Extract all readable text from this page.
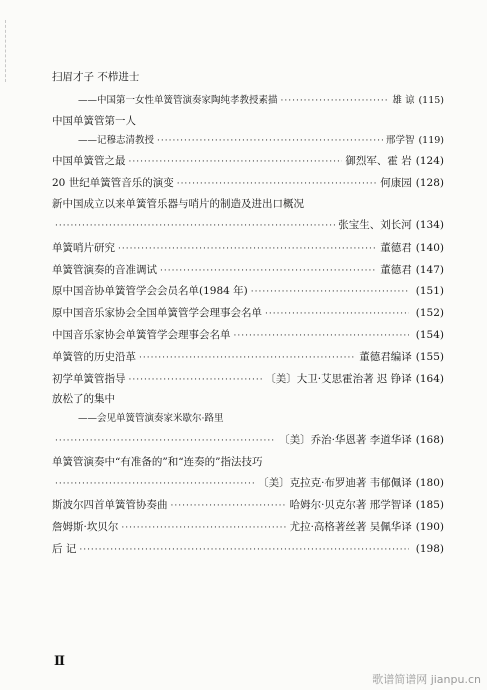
扫眉才子 不栉进士
——中国第一女性单簧管演奏家陶纯孝教授素描 ·····	雄 谅 (115)
中国单簧管第一人
——记穆志清教授 ·····	邢学智 (119)
中国单簧管之最 ·····	御烈军、霍 岩 (124)
20 世纪单簧管音乐的演变 ·····	何康园 (128)
新中国成立以来单簧管乐器与哨片的制造及进出口概况
·····
张宝生、刘长河 (134)
单簧哨片研究 ·····	董德君 (140)
单簧管演奏的音准调试 ·····	董德君 (147)
原中国音协单簧管学会会员名单(1984 年) ·····	(151)
原中国音乐家协会全国单簧管学会理事会名单 ·····	(152)
中国音乐家协会单簧管学会理事会名单 ·····	(154)
单簧管的历史沿革 ·····	董德君编译 (155)
初学单簧管指导 ·····	〔美〕大卫·艾思霍治著 迟 铮译 (164)
放松了的集中
——会见单簧管演奏家米歇尔·路里
·····
〔美〕乔治·华恩著 李道华译 (168)
单簧管演奏中“有准备的”和“连奏的”指法技巧
·····
〔美〕克拉克·布罗迪著 韦郁佩译 (180)
斯波尔四首单簧管协奏曲 ·····	哈姆尔·贝克尔著 邢学智译 (185)
詹姆斯·坎贝尔 ·····	尤拉·高格著丝著 吴佩华译 (190)
后 记 ·····	(198)
Ⅱ
歌谱简谱网 jianpu.cn
